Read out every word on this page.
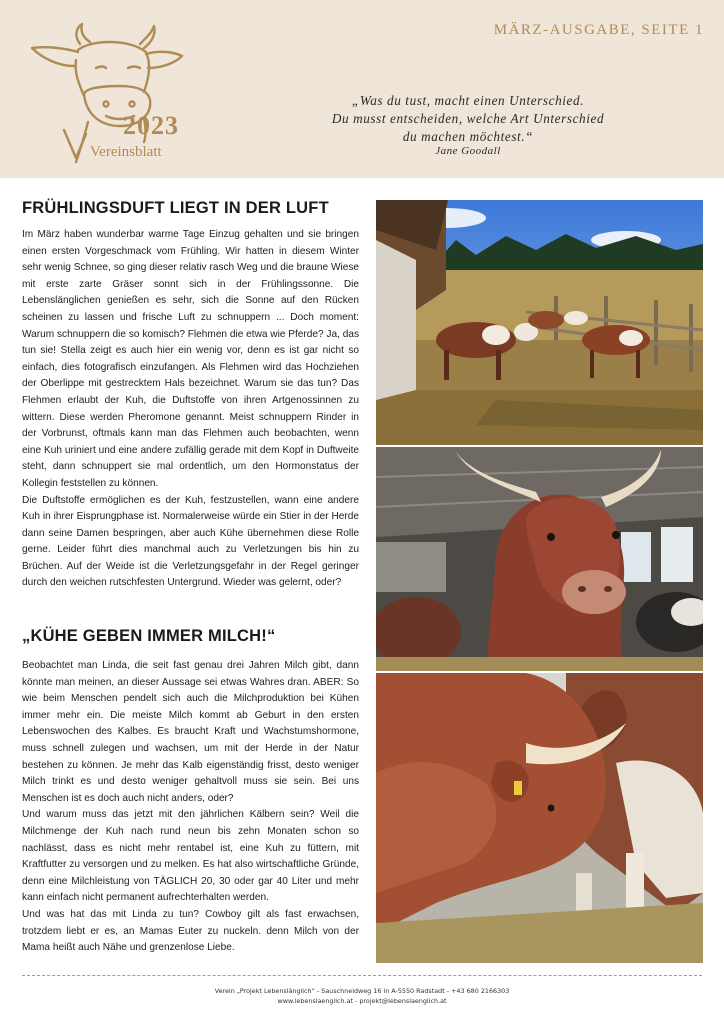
2023
Vereinsblatt
MÄRZ-AUSGABE, SEITE 1
„Was du tust, macht einen Unterschied.
Du musst entscheiden, welche Art Unterschied
du machen möchtest.“
Jane Goodall
FRÜHLINGSDUFT LIEGT IN DER LUFT

Im März haben wunderbar warme Tage Einzug gehalten und sie bringen einen ersten Vorgeschmack vom Frühling. Wir hatten in diesem Winter sehr wenig Schnee, so ging dieser relativ rasch Weg und die braune Wiese mit erste zarte Gräser sonnt sich in der Frühlingssonne. Die Lebenslänglichen genießen es sehr, sich die Sonne auf den Rücken scheinen zu lassen und frische Luft zu schnuppern ... Doch moment: Warum schnuppern die so komisch? Flehmen die etwa wie Pferde? Ja, das tun sie! Stella zeigt es auch hier ein wenig vor, denn es ist gar nicht so einfach, dies fotografisch einzufangen. Als Flehmen wird das Hochziehen der Oberlippe mit gestrecktem Hals bezeichnet. Warum sie das tun? Das Flehmen erlaubt der Kuh, die Duftstoffe von ihren Artgenossinnen zu wittern. Diese werden Pheromone genannt. Meist schnuppern Rinder in der Vorbrunst, oftmals kann man das Flehmen auch beobachten, wenn eine Kuh uriniert und eine andere zufällig gerade mit dem Kopf in Duftweite steht, dann schnuppert sie mal ordentlich, um den Hormonstatus der Kollegin feststellen zu können.

Die Duftstoffe ermöglichen es der Kuh, festzustellen, wann eine andere Kuh in ihrer Eisprungphase ist. Normalerweise würde ein Stier in der Herde dann seine Damen bespringen, aber auch Kühe übernehmen diese Rolle gerne. Leider führt dies manchmal auch zu Verletzungen bis hin zu Brüchen. Auf der Weide ist die Verletzungsgefahr in der Regel geringer durch den weichen rutschfesten Untergrund. Wieder was gelernt, oder?

„KÜHE GEBEN IMMER MILCH!“

Beobachtet man Linda, die seit fast genau drei Jahren Milch gibt, dann könnte man meinen, an dieser Aussage sei etwas Wahres dran. ABER: So wie beim Menschen pendelt sich auch die Milchproduktion bei Kühen immer mehr ein. Die meiste Milch kommt ab Geburt in den ersten Lebenswochen des Kalbes. Es braucht Kraft und Wachstumshormone, muss schnell zulegen und wachsen, um mit der Herde in der Natur bestehen zu können. Je mehr das Kalb eigenständig frisst, desto weniger Milch trinkt es und desto weniger gehaltvoll muss sie sein. Bei uns Menschen ist es doch auch nicht anders, oder?

Und warum muss das jetzt mit den jährlichen Kälbern sein? Weil die Milchmenge der Kuh nach rund neun bis zehn Monaten schon so nachlässt, dass es nicht mehr rentabel ist, eine Kuh zu füttern, mit Kraftfutter zu versorgen und zu melken. Es hat also wirtschaftliche Gründe, denn eine Milchleistung von TÄGLICH 20, 30 oder gar 40 Liter und mehr kann einfach nicht permanent aufrechterhalten werden.

Und was hat das mit Linda zu tun? Cowboy gilt als fast erwachsen, trotzdem liebt er es, an Mamas Euter zu nuckeln. denn Milch von der Mama heißt auch Nähe und grenzenlose Liebe.

Verein „Projekt Lebenslänglich“ - Sauschneidweg 16 in A-5550 Radstadt - +43 680 2166303
www.lebenslaenglich.at - projekt@lebenslaenglich.at
